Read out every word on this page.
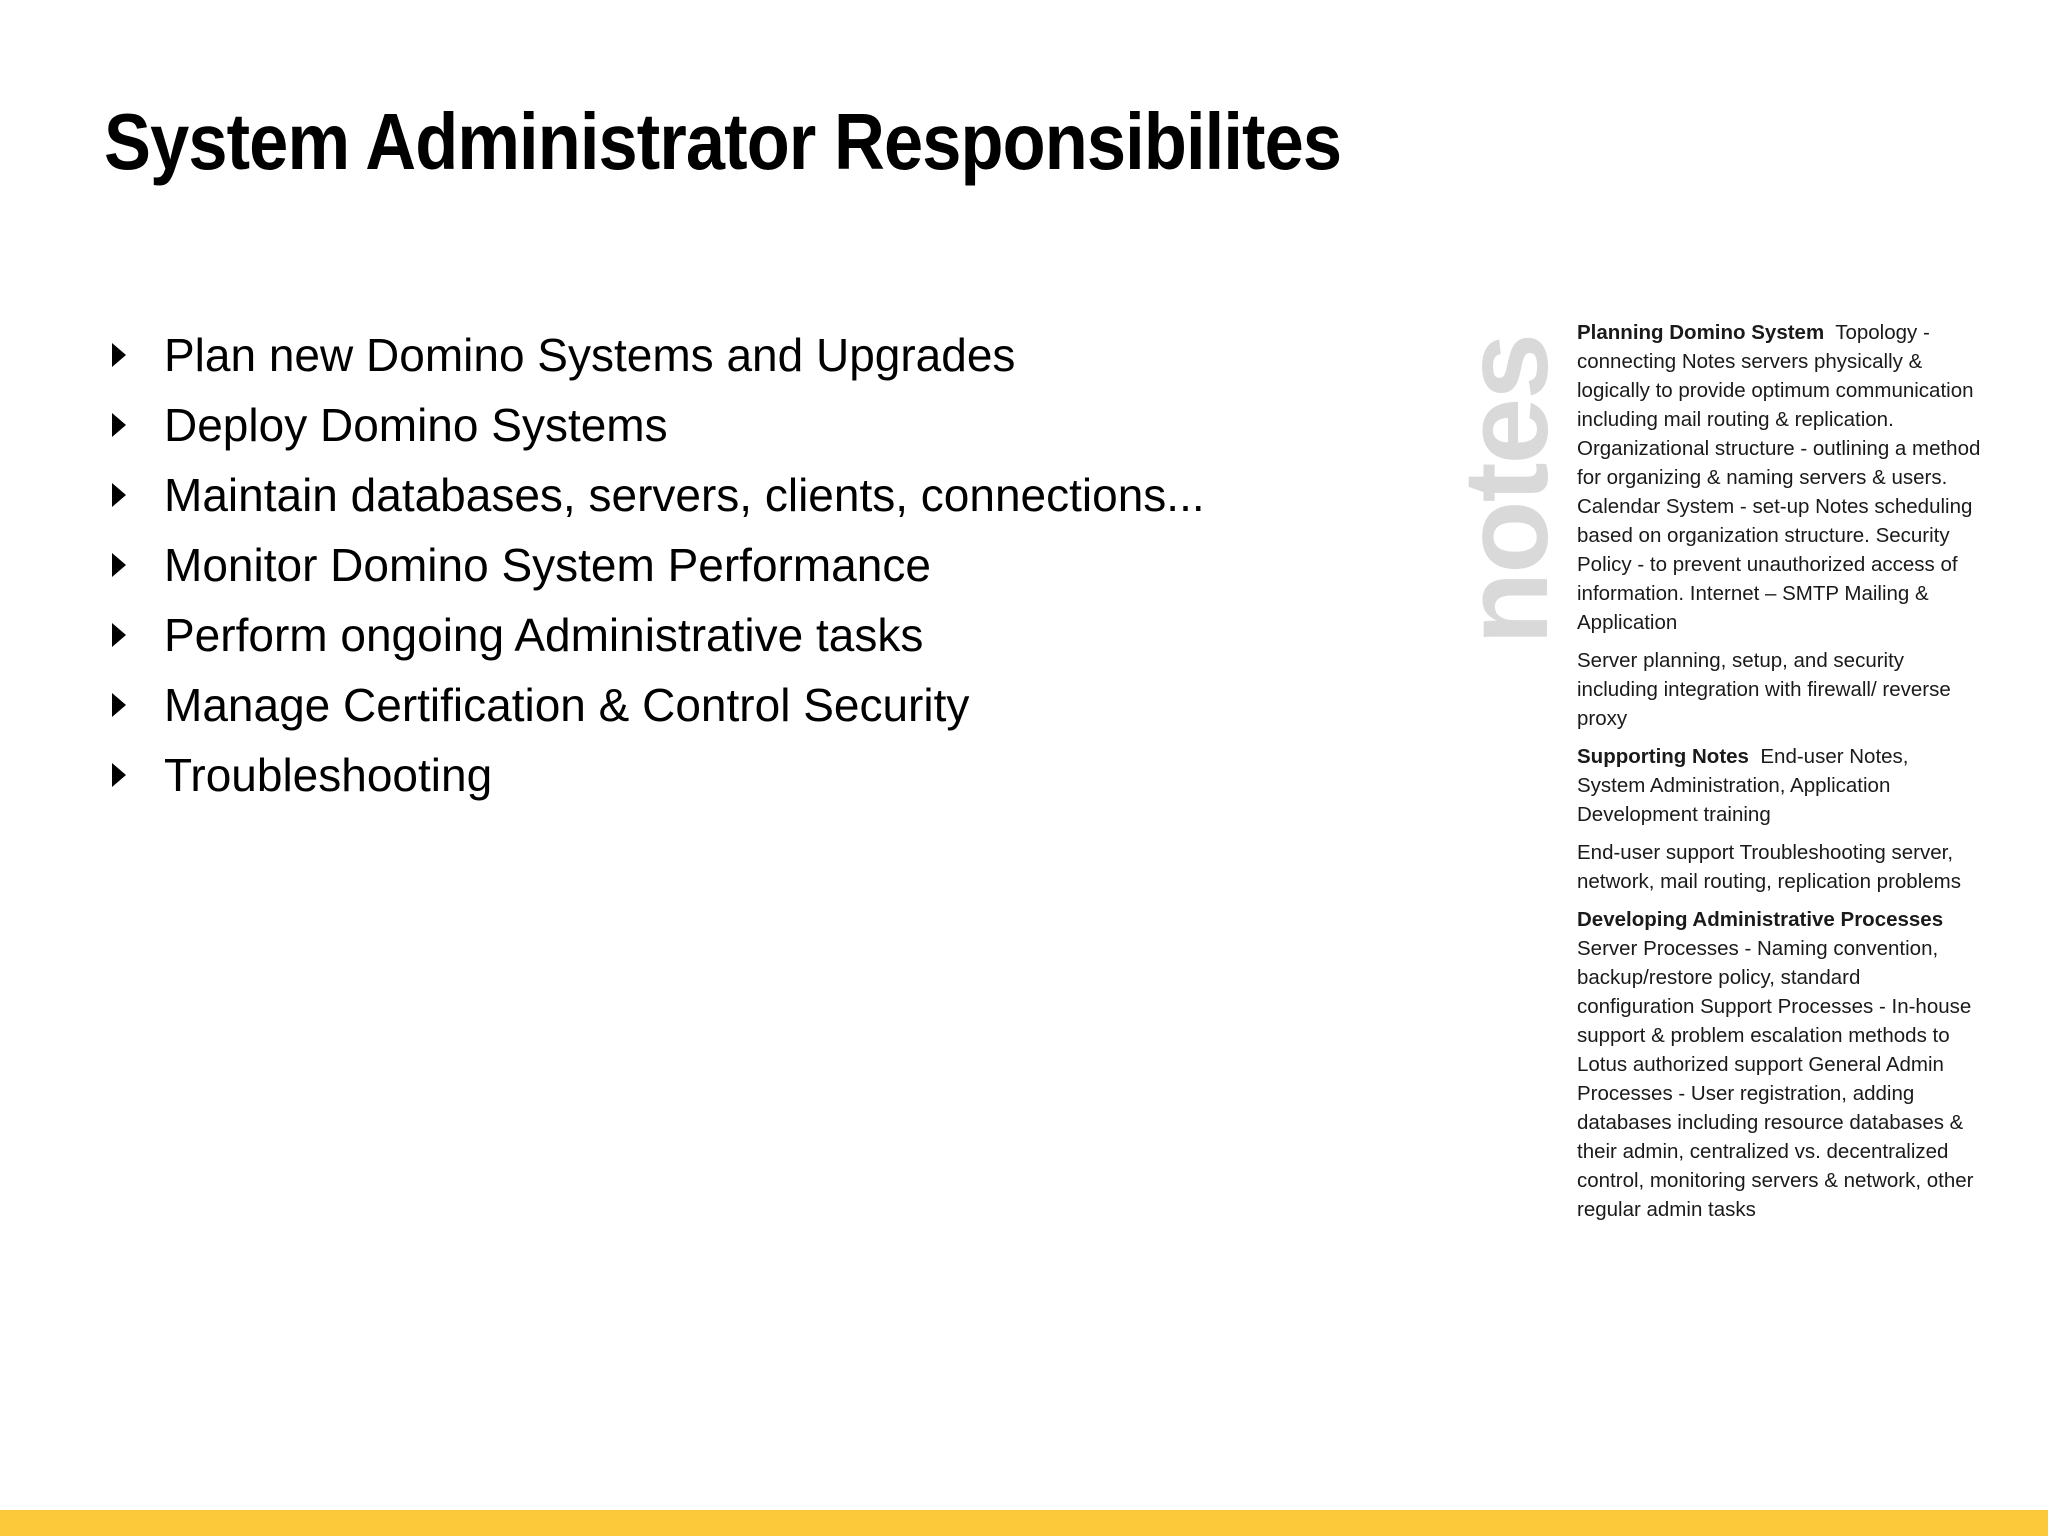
System Administrator Responsibilites
Plan new Domino Systems and Upgrades
Deploy Domino Systems
Maintain databases, servers, clients, connections...
Monitor Domino System Performance
Perform ongoing Administrative tasks
Manage Certification & Control Security
Troubleshooting
notes

Planning Domino System Topology - connecting Notes servers physically & logically to provide optimum communication including mail routing & replication. Organizational structure - outlining a method for organizing & naming servers & users. Calendar System - set-up Notes scheduling based on organization structure. Security Policy - to prevent unauthorized access of information. Internet – SMTP Mailing & Application

Server planning, setup, and security including integration with firewall/ reverse proxy

Supporting Notes End-user Notes, System Administration, Application Development training

End-user support Troubleshooting server, network, mail routing, replication problems

Developing Administrative Processes  Server Processes - Naming convention, backup/restore policy, standard configuration Support Processes - In-house support & problem escalation methods to Lotus authorized support General Admin Processes - User registration, adding databases including resource databases & their admin, centralized vs. decentralized control, monitoring servers & network, other regular admin tasks
